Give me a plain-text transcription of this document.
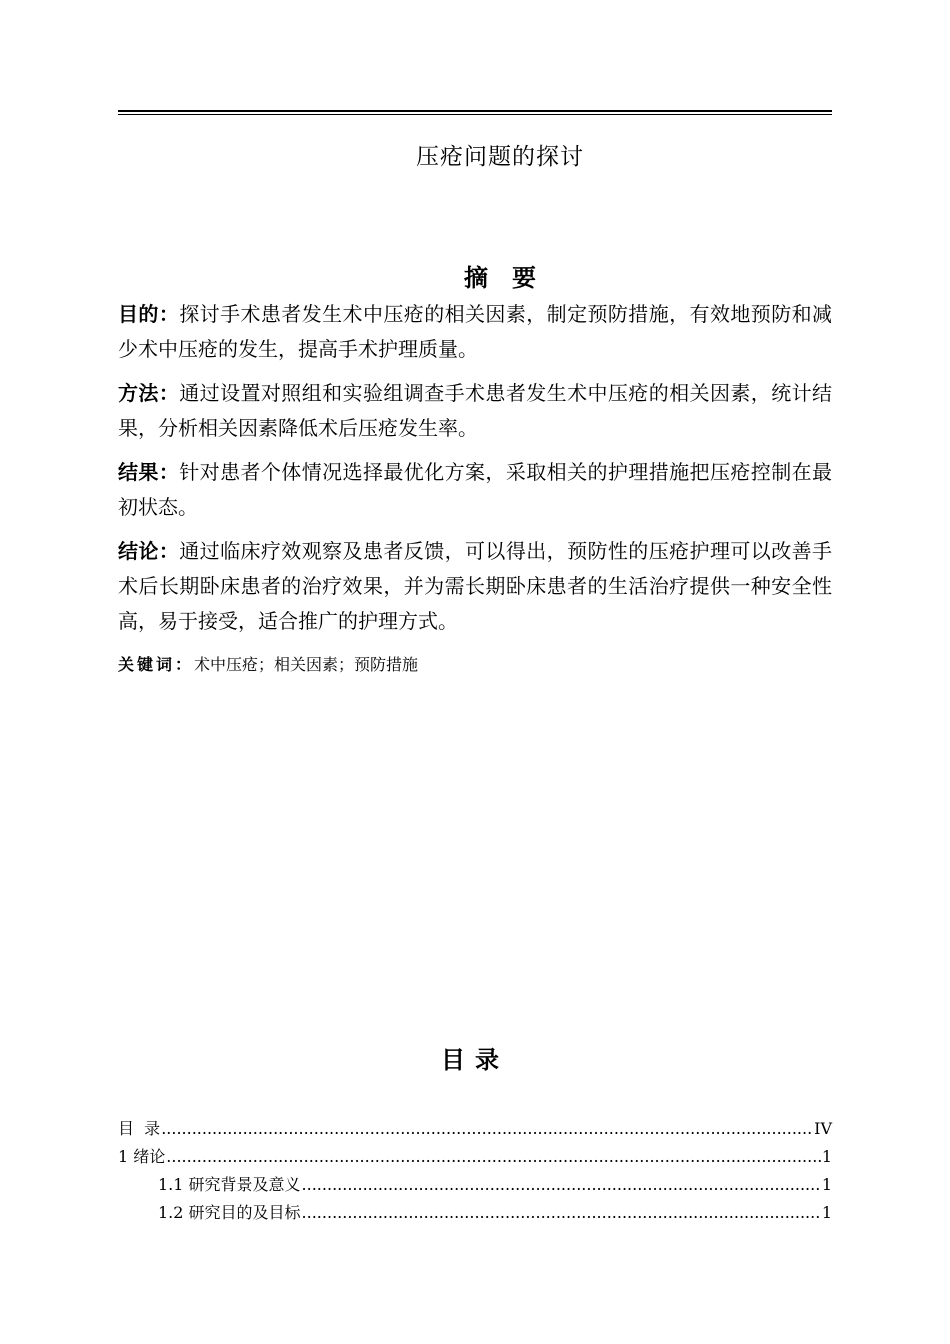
压疮问题的探讨
摘　要

目的：探讨手术患者发生术中压疮的相关因素，制定预防措施，有效地预防和减少术中压疮的发生，提高手术护理质量。

方法：通过设置对照组和实验组调查手术患者发生术中压疮的相关因素，统计结果，分析相关因素降低术后压疮发生率。

结果：针对患者个体情况选择最优化方案，采取相关的护理措施把压疮控制在最初状态。

结论：通过临床疗效观察及患者反馈，可以得出，预防性的压疮护理可以改善手术后长期卧床患者的治疗效果，并为需长期卧床患者的生活治疗提供一种安全性高，易于接受，适合推广的护理方式。

关键词：术中压疮；相关因素；预防措施
目录
目  录 .....	IV
1 绪论 .....	1
1.1 研究背景及意义 .....	1
1.2 研究目的及目标 .....	1
